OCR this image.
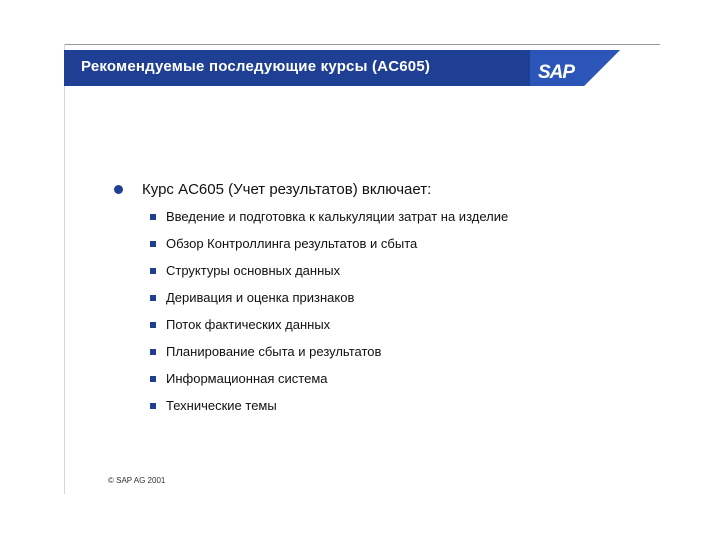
Рекомендуемые последующие курсы (AC605)	SAP
Курс AC605 (Учет результатов) включает:
Введение и подготовка к калькуляции затрат на изделие
Обзор Контроллинга результатов и сбыта
Структуры основных данных
Деривация и оценка признаков
Поток фактических данных
Планирование сбыта и результатов
Информационная система
Технические темы
© SAP AG 2001
